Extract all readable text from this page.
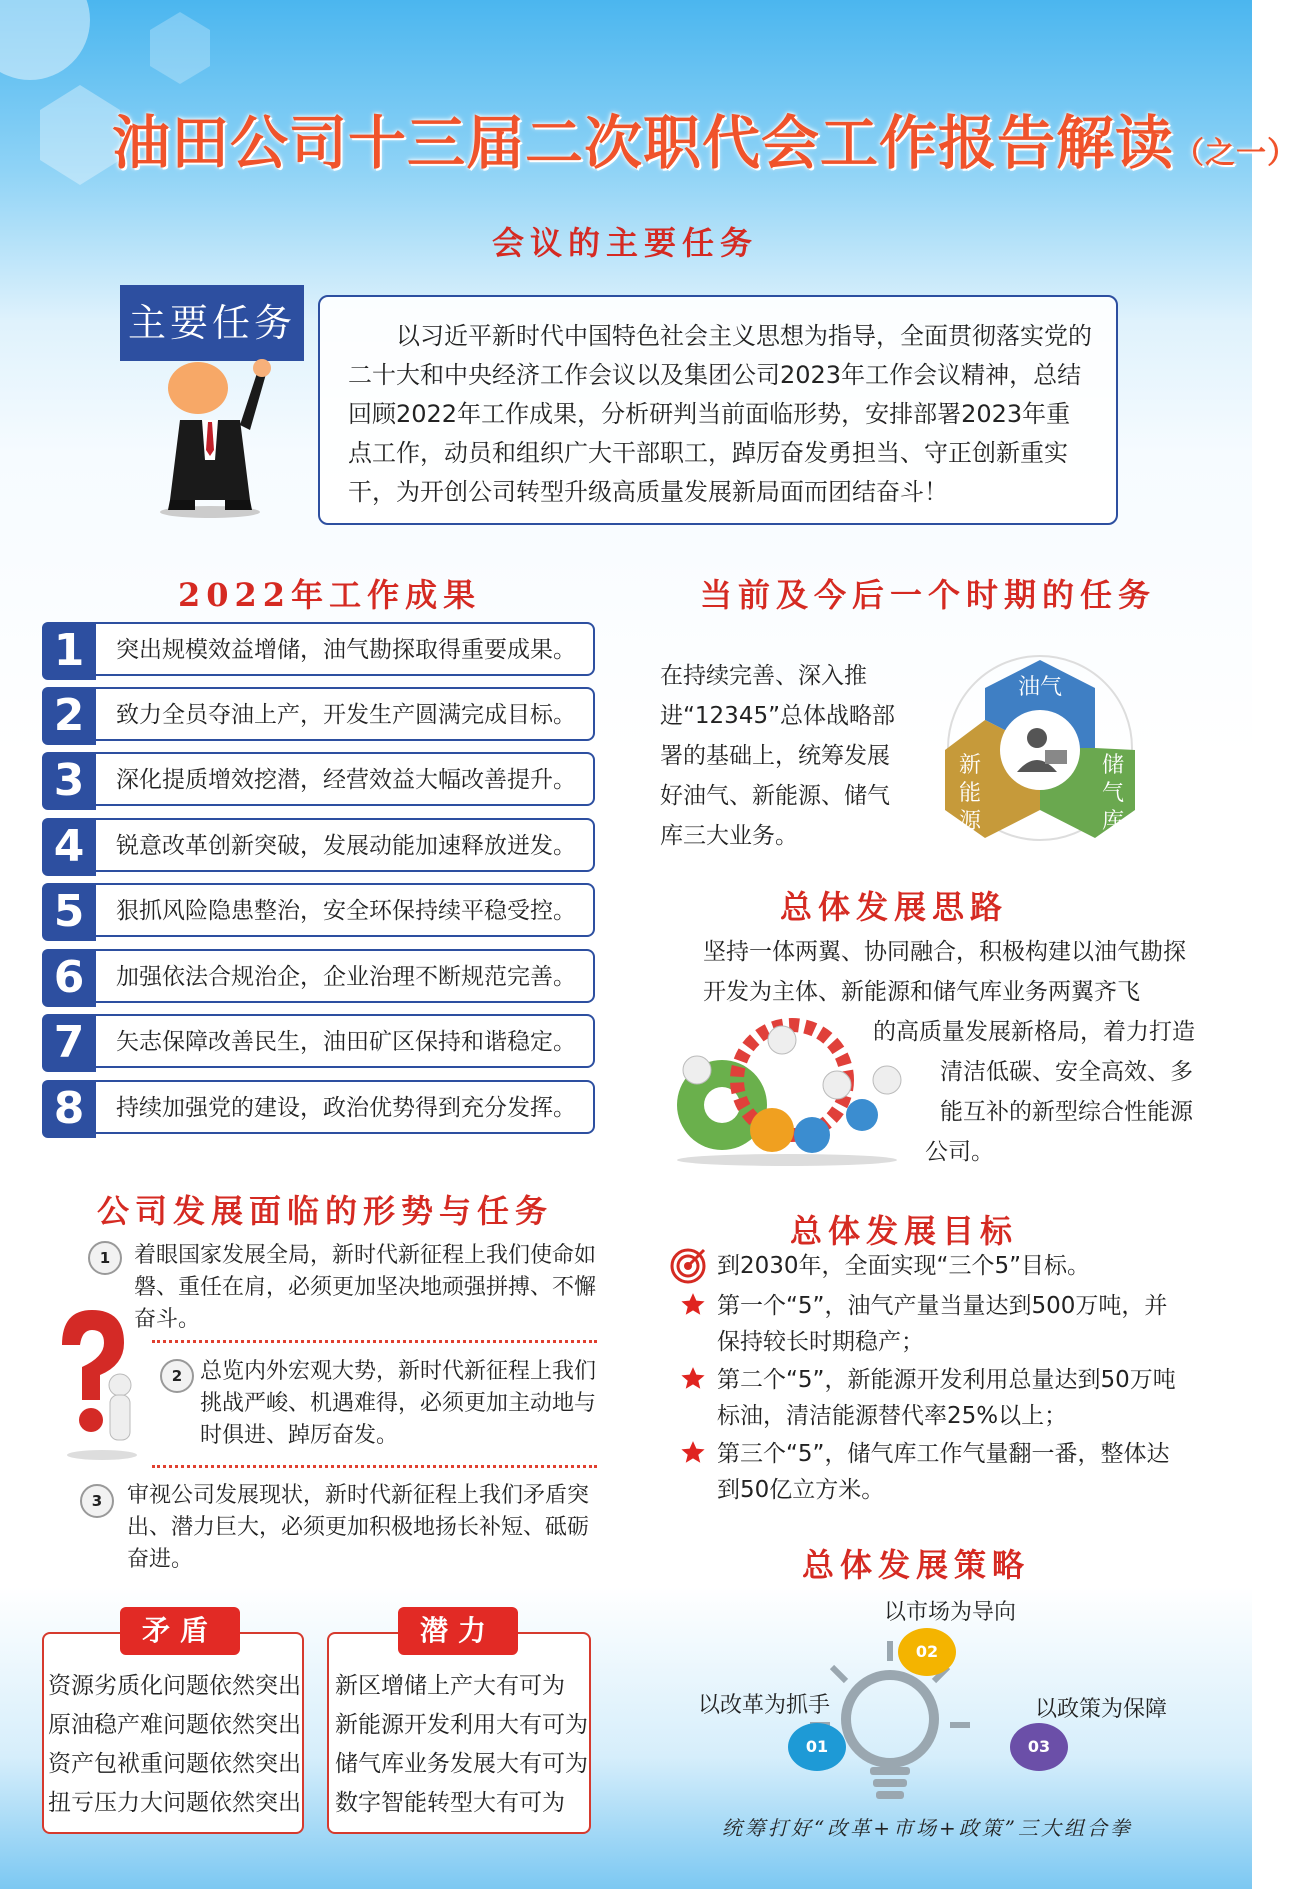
油田公司十三届二次职代会工作报告解读（之一）
会议的主要任务
主要任务	以习近平新时代中国特色社会主义思想为指导，全面贯彻落实党的二十大和中央经济工作会议以及集团公司2023年工作会议精神，总结回顾2022年工作成果，分析研判当前面临形势，安排部署2023年重点工作，动员和组织广大干部职工，踔厉奋发勇担当、守正创新重实干，为开创公司转型升级高质量发展新局面而团结奋斗！
2022年工作成果
1	突出规模效益增储，油气勘探取得重要成果。
2	致力全员夺油上产，开发生产圆满完成目标。
3	深化提质增效挖潜，经营效益大幅改善提升。
4	锐意改革创新突破，发展动能加速释放迸发。
5	狠抓风险隐患整治，安全环保持续平稳受控。
6	加强依法合规治企，企业治理不断规范完善。
7	矢志保障改善民生，油田矿区保持和谐稳定。
8	持续加强党的建设，政治优势得到充分发挥。
当前及今后一个时期的任务
在持续完善、深入推进“12345”总体战略部署的基础上，统筹发展好油气、新能源、储气库三大业务。
油气
新能源
储气库
总体发展思路
坚持一体两翼、协同融合，积极构建以油气勘探
开发为主体、新能源和储气库业务两翼齐飞
的高质量发展新格局，着力打造
清洁低碳、安全高效、多
能互补的新型综合性能源
公司。
公司发展面临的形势与任务
1	着眼国家发展全局，新时代新征程上我们使命如磐、重任在肩，必须更加坚决地顽强拼搏、不懈奋斗。
2 总览内外宏观大势，新时代新征程上我们挑战严峻、机遇难得，必须更加主动地与时俱进、踔厉奋发。
3	审视公司发展现状，新时代新征程上我们矛盾突出、潜力巨大，必须更加积极地扬长补短、砥砺奋进。
资源劣质化问题依然突出
原油稳产难问题依然突出
资产包袱重问题依然突出
扭亏压力大问题依然突出
矛盾
新区增储上产大有可为
新能源开发利用大有可为
储气库业务发展大有可为
数字智能转型大有可为
潜力
总体发展目标
到2030年，全面实现“三个5”目标。
第一个“5”，油气产量当量达到500万吨，并保持较长时期稳产；
第二个“5”，新能源开发利用总量达到50万吨标油，清洁能源替代率25%以上；
第三个“5”，储气库工作气量翻一番，整体达到50亿立方米。
总体发展策略
以市场为导向
以改革为抓手	以政策为保障
02
01	03
统筹打好“改革+市场+政策”三大组合拳
